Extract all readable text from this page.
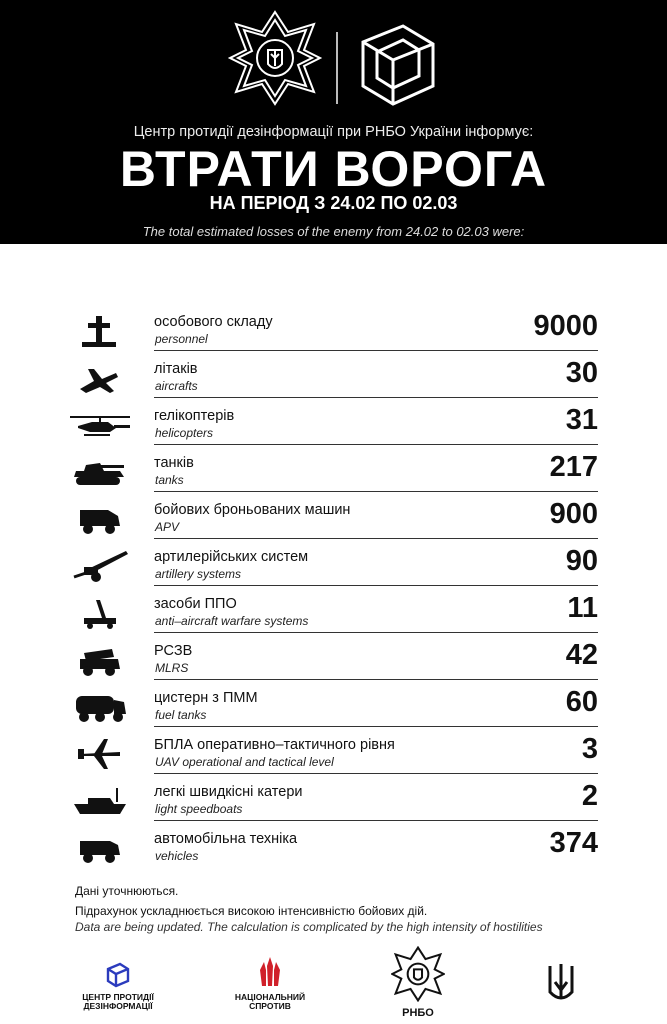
Центр протидії дезінформації при РНБО України інформує:
ВТРАТИ ВОРОГА
НА ПЕРІОД З 24.02 ПО 02.03
The total estimated losses of the enemy from 24.02 to 02.03 were:
особового складу
personnel	9000
літаків
aircrafts	30
гелікоптерів
helicopters	31
танків
tanks	217
бойових броньованих машин
APV	900
артилерійських систем
artillery systems	90
засоби ППО
anti–aircraft warfare systems	11
РСЗВ
MLRS	42
цистерн з ПММ
fuel tanks	60
БПЛА оперативно–тактичного рівня
UAV operational and tactical level	3
легкі швидкісні катери
light speedboats	2
автомобільна техніка
vehicles	374
Дані уточнюються.
Підрахунок ускладнюється високою інтенсивністю бойових дій.
Data are being updated. The calculation is complicated by the high intensity of hostilities
ЦЕНТР ПРОТИДІЇ
ДЕЗІНФОРМАЦІЇ
НАЦІОНАЛЬНИЙ
СПРОТИВ
РНБО
